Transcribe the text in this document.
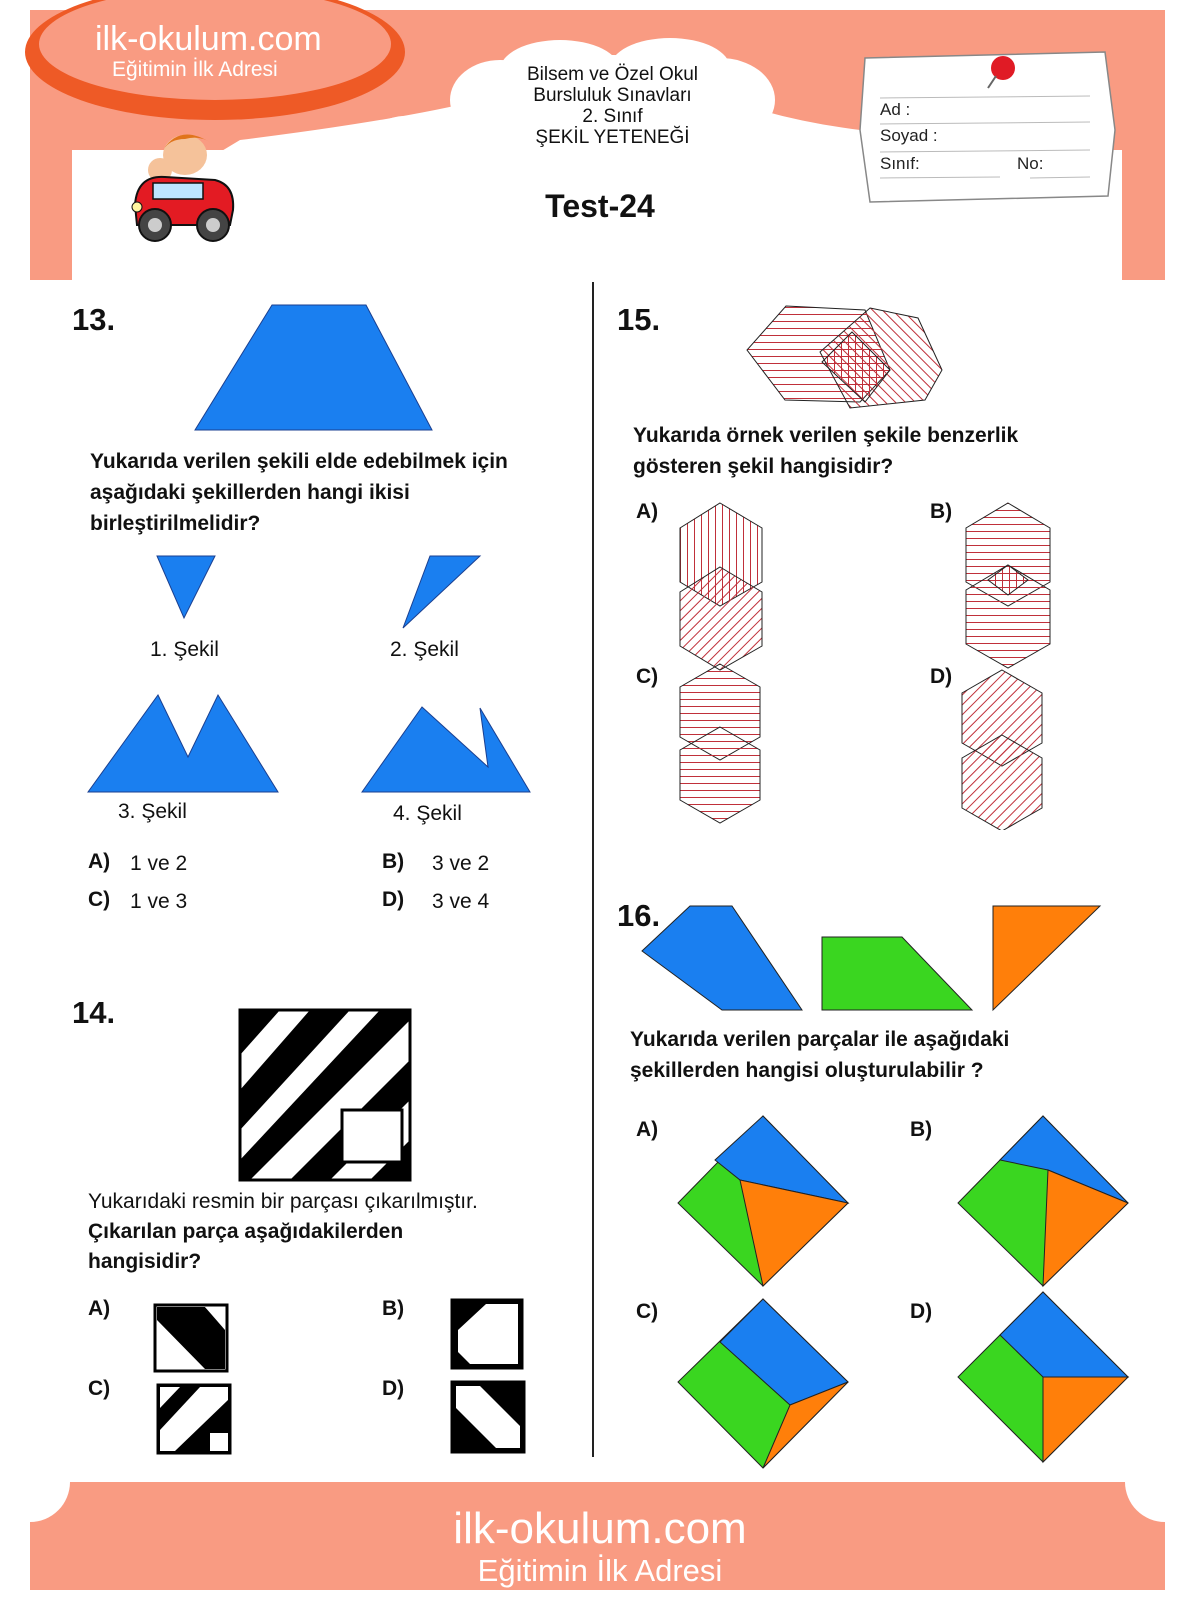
ilk-okulum.com
Eğitimin İlk Adresi	Bilsem ve Özel Okul
Bursluluk Sınavları
2. Sınıf
ŞEKİL YETENEĞİ
Ad :
Soyad :
Sınıf:	No:
Test-24
13.
Yukarıda verilen şekili elde edebilmek için
aşağıdaki şekillerden hangi ikisi
birleştirilmelidir?
1. Şekil	2. Şekil
3. Şekil	4. Şekil
A) 1 ve 2	B) 3 ve 2
C) 1 ve 3	D) 3 ve 4
14.
Yukarıdaki resmin bir parçası çıkarılmıştır.
Çıkarılan parça aşağıdakilerden
hangisidir?
A)	B)
C)	D)
15.
Yukarıda örnek verilen şekile benzerlik
gösteren şekil hangisidir?
A)	B)
C)	D)
16.
Yukarıda verilen parçalar ile aşağıdaki
şekillerden hangisi oluşturulabilir ?
A)	B)
C)	D)
ilk-okulum.com
Eğitimin İlk Adresi
